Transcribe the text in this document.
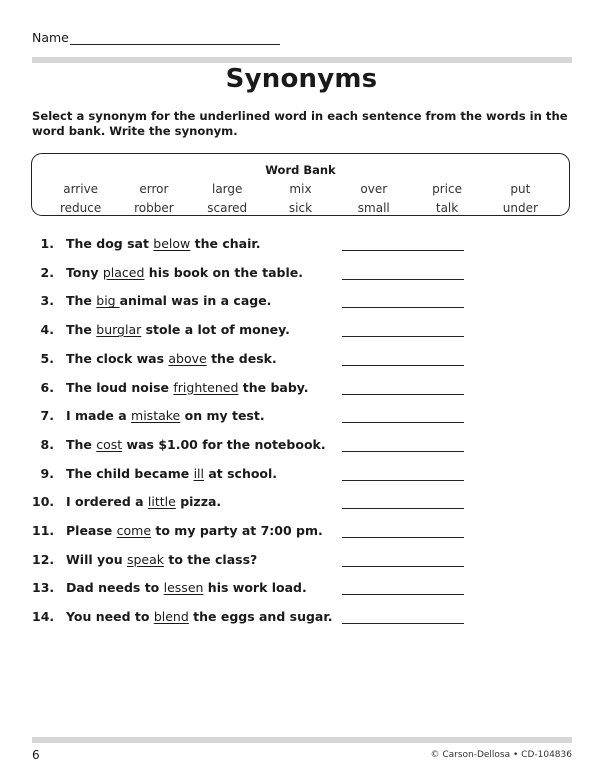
Name
Synonyms
Select a synonym for the underlined word in each sentence from the words in the word bank. Write the synonym.
Word Bank
arrive	error	large	mix	over	price	put
reduce	robber	scared	sick	small	talk	under
1. The dog sat below the chair.
2. Tony placed his book on the table.
3. The big animal was in a cage.
4. The burglar stole a lot of money.
5. The clock was above the desk.
6. The loud noise frightened the baby.
7. I made a mistake on my test.
8. The cost was $1.00 for the notebook.
9. The child became ill at school.
10. I ordered a little pizza.
11. Please come to my party at 7:00 pm.
12. Will you speak to the class?
13. Dad needs to lessen his work load.
14. You need to blend the eggs and sugar.
6	© Carson-Dellosa • CD-104836
